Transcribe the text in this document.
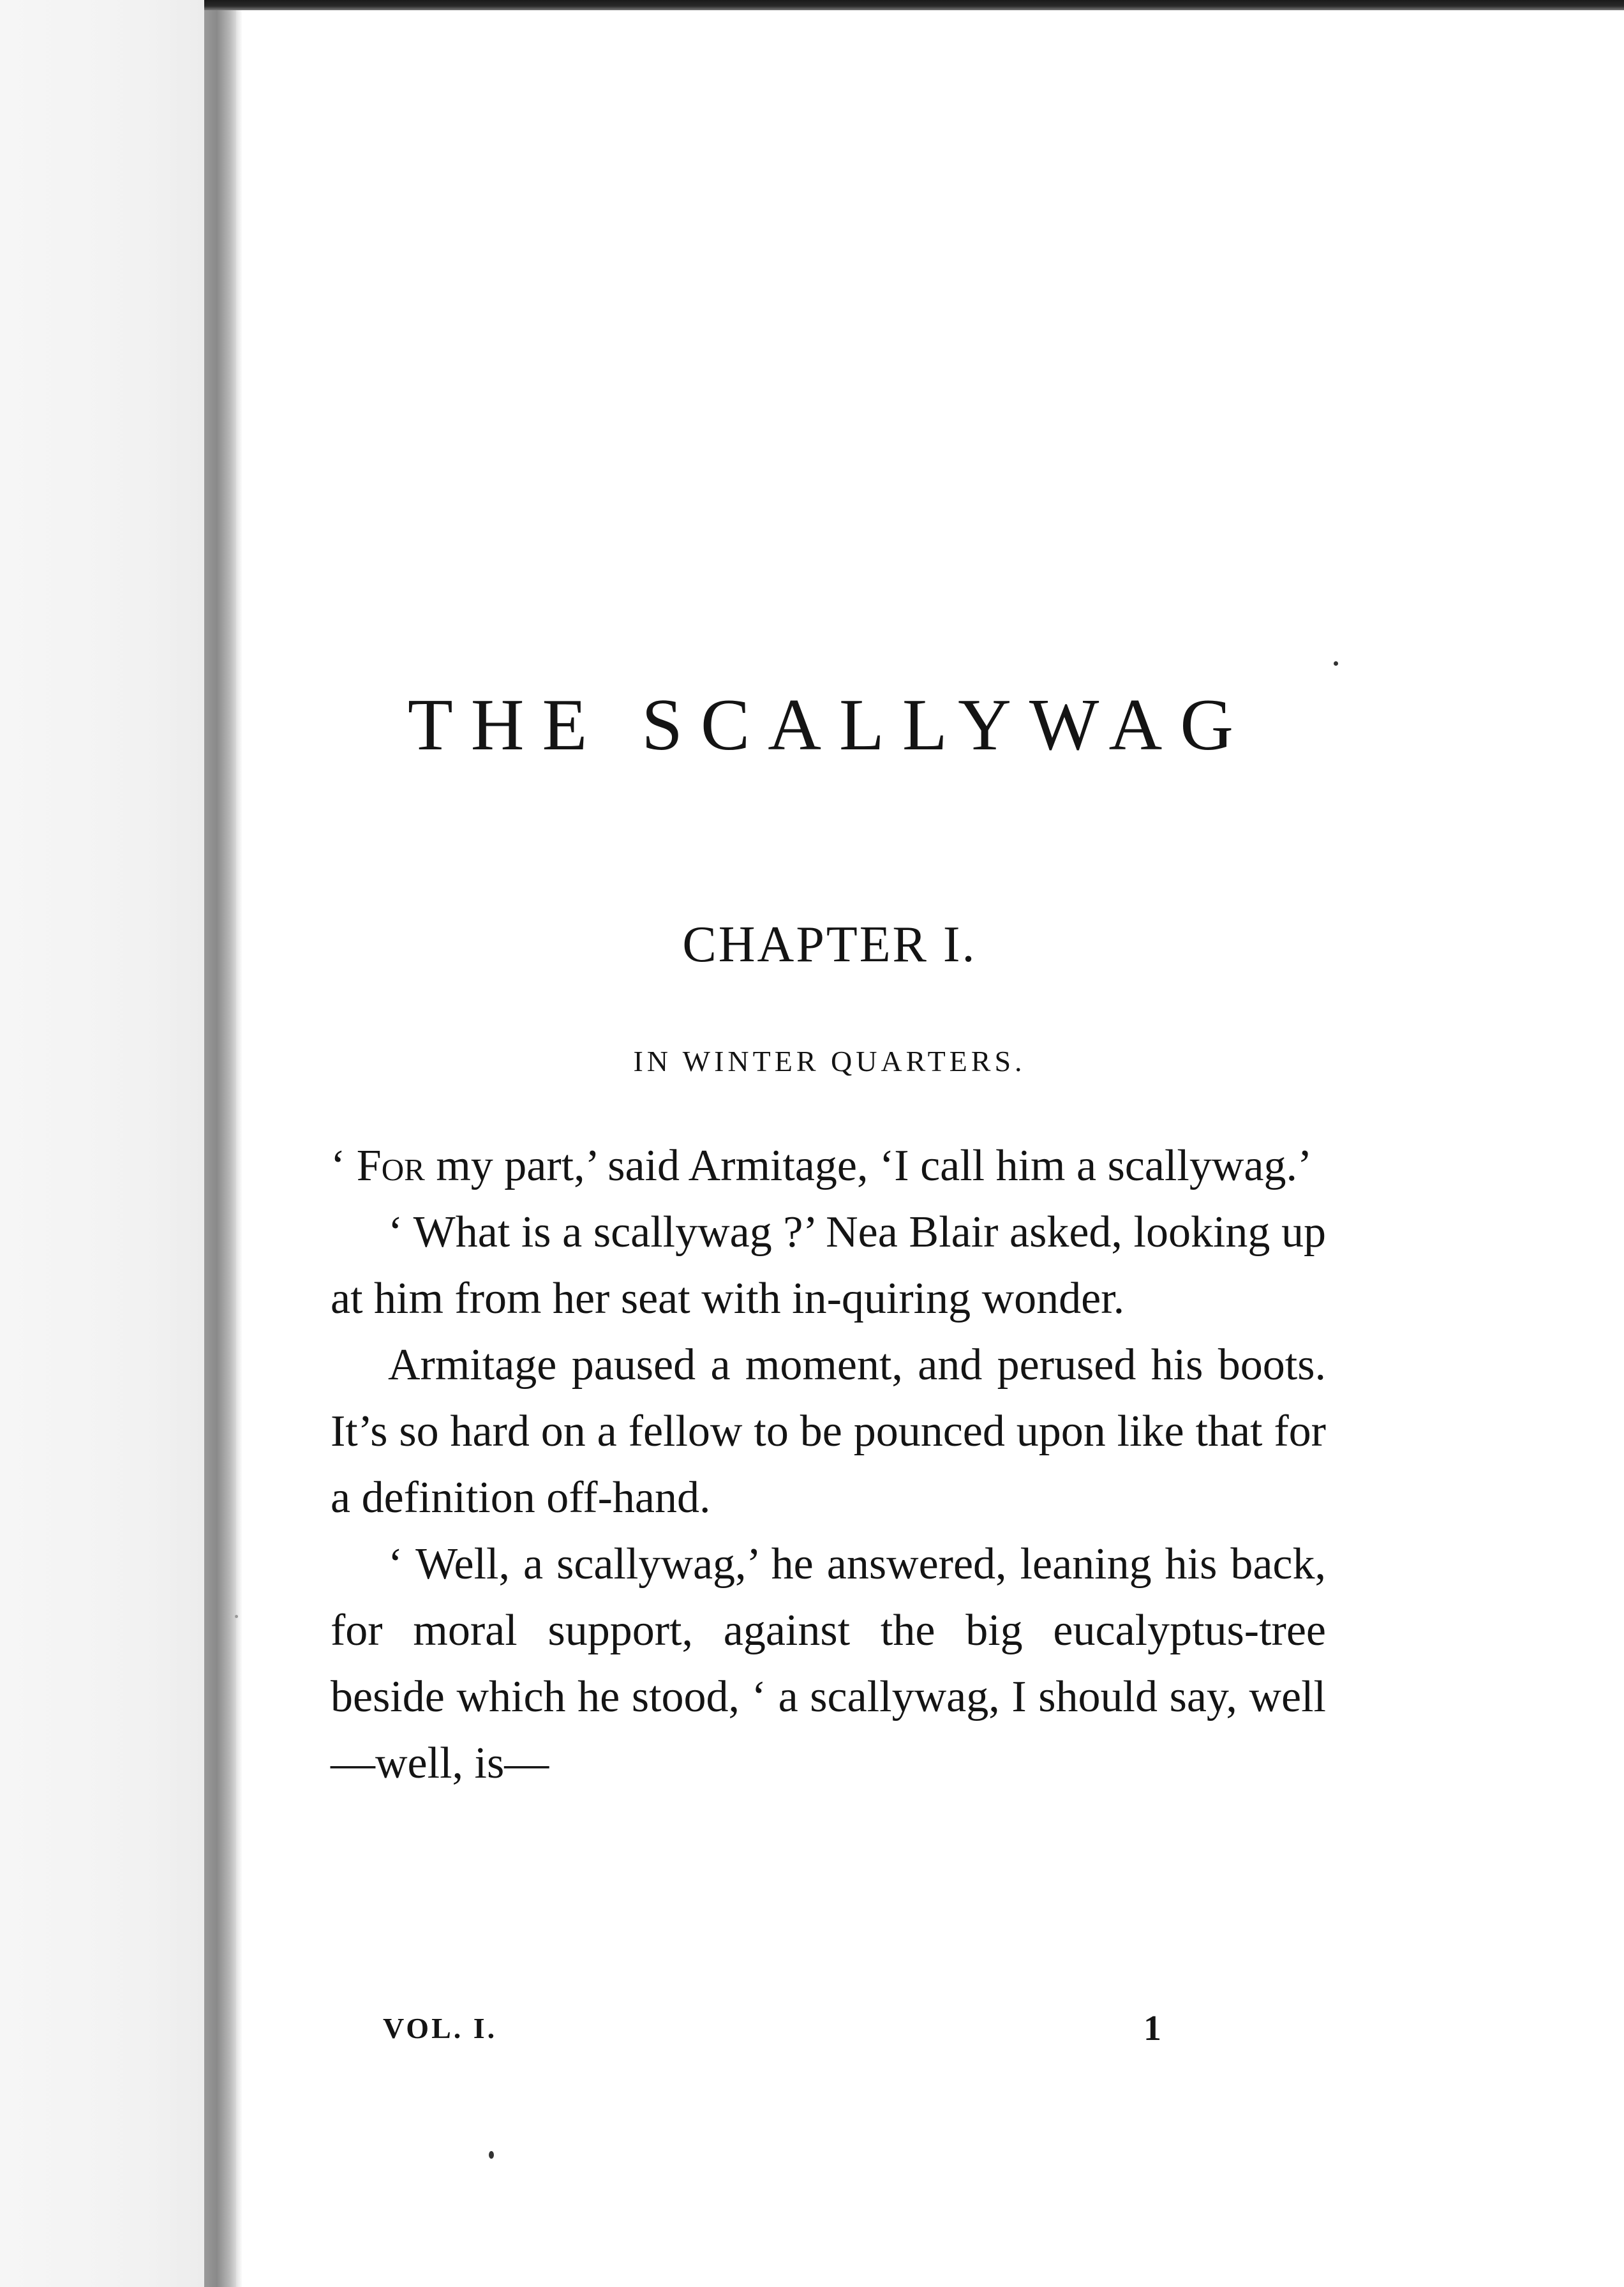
THE SCALLYWAG
CHAPTER I.
IN WINTER QUARTERS.

‘ For my part,’ said Armitage, ‘I call him a scallywag.’

‘ What is a scallywag ?’ Nea Blair asked, looking up at him from her seat with in-quiring wonder.

Armitage paused a moment, and perused his boots. It’s so hard on a fellow to be pounced upon like that for a definition off-hand.

‘ Well, a scallywag,’ he answered, leaning his back, for moral support, against the big eucalyptus-tree beside which he stood, ‘ a scallywag, I should say, well—well, is—

VOL. I.	1
